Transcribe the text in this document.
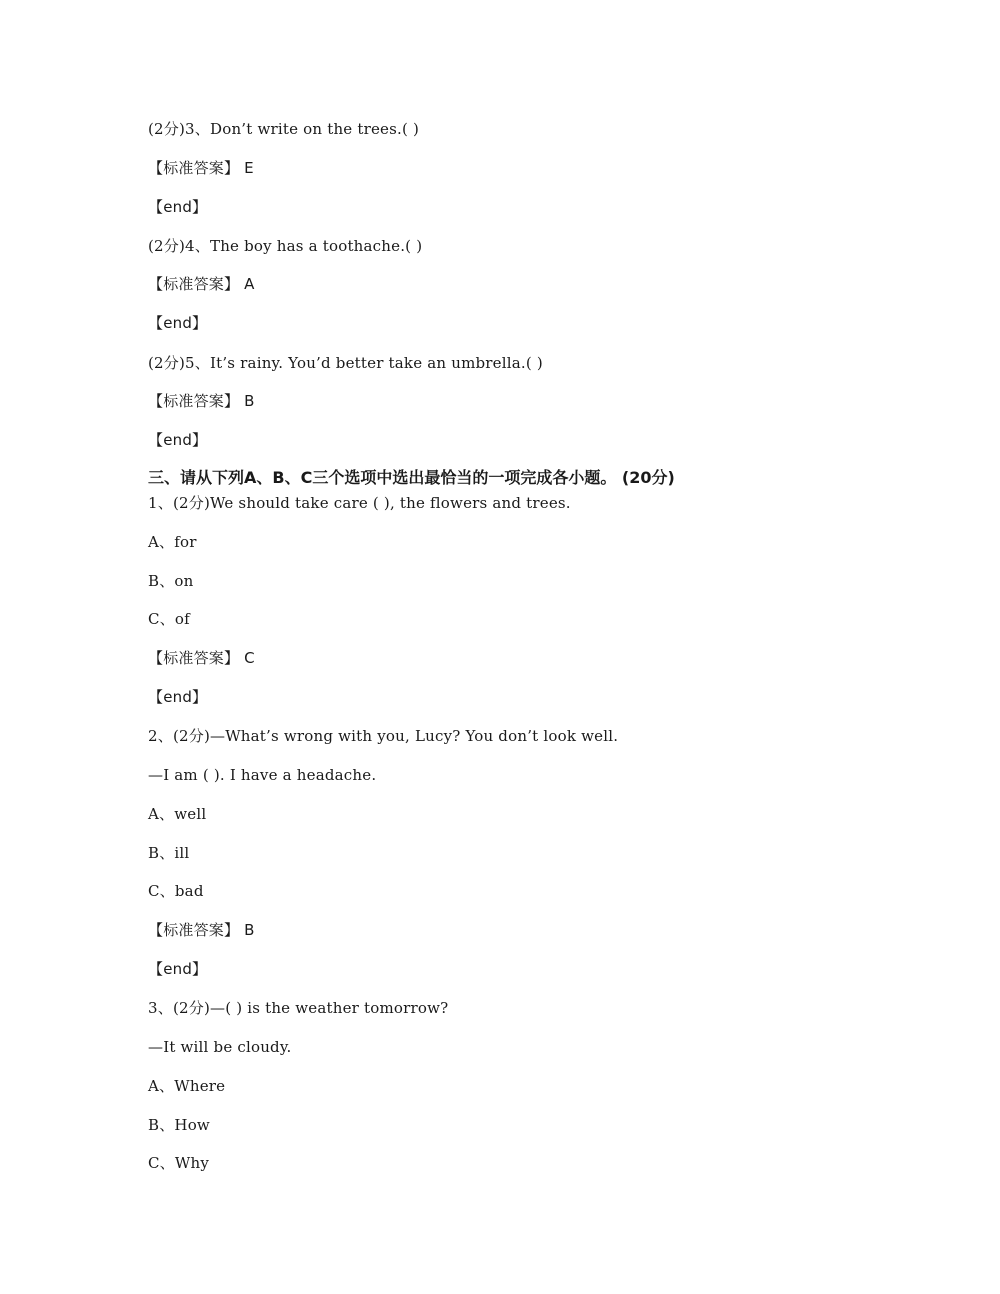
(2分)3、Don’t write on the trees.( )
【标准答案】 E
【end】
(2分)4、The boy has a toothache.( )
【标准答案】 A
【end】
(2分)5、It’s rainy. You’d better take an umbrella.( )
【标准答案】 B
【end】
三、请从下列A、B、C三个选项中选出最恰当的一项完成各小题。 (20分)
1、(2分)We should take care ( ), the flowers and trees.
A、for
B、on
C、of
【标准答案】 C
【end】
2、(2分)—What’s wrong with you, Lucy? You don’t look well.
—I am ( ). I have a headache.
A、well
B、ill
C、bad
【标准答案】 B
【end】
3、(2分)—( ) is the weather tomorrow?
—It will be cloudy.
A、Where
B、How
C、Why
